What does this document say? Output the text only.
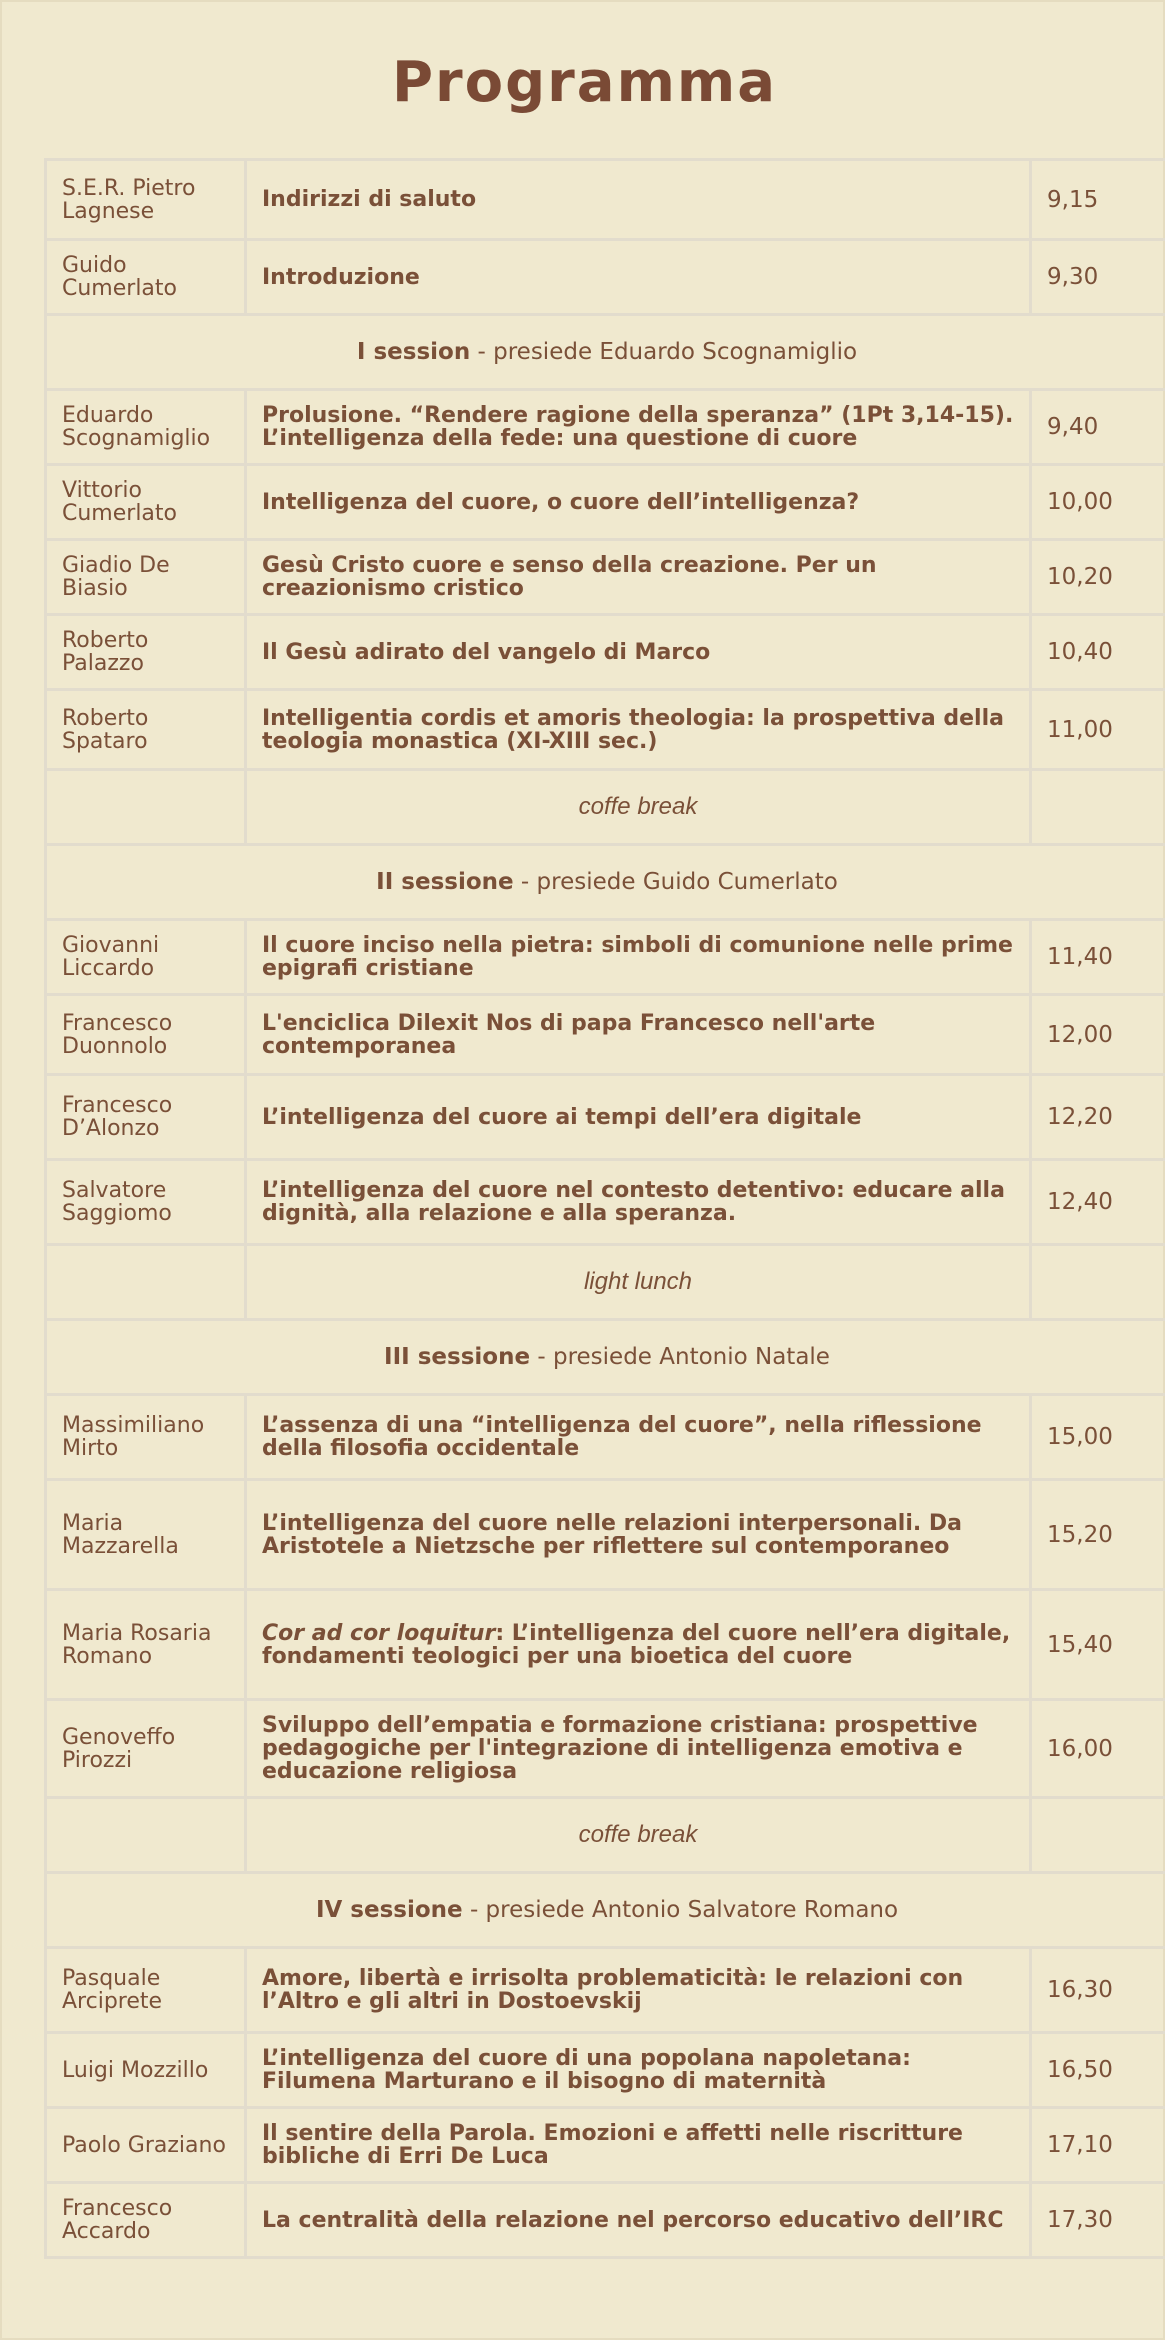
Programma
S.E.R. Pietro Lagnese	Indirizzi di saluto	9,15
Guido Cumerlato	Introduzione	9,30
I session - presiede Eduardo Scognamiglio		
Eduardo Scognamiglio	Prolusione. “Rendere ragione della speranza” (1Pt 3,14-15). L’intelligenza della fede: una questione di cuore	9,40
Vittorio Cumerlato	Intelligenza del cuore, o cuore dell’intelligenza?	10,00
Giadio De Biasio	Gesù Cristo cuore e senso della creazione. Per un creazionismo cristico	10,20
Roberto Palazzo	Il Gesù adirato del vangelo di Marco	10,40
Roberto Spataro	Intelligentia cordis et amoris theologia: la prospettiva della teologia monastica (XI-XIII sec.)	11,00
	coffe break	
II sessione - presiede Guido Cumerlato		
Giovanni Liccardo	Il cuore inciso nella pietra: simboli di comunione nelle prime epigrafi cristiane	11,40
Francesco Duonnolo	L'enciclica Dilexit Nos di papa Francesco nell'arte contemporanea	12,00
Francesco D’Alonzo	L’intelligenza del cuore ai tempi dell’era digitale	12,20
Salvatore Saggiomo	L’intelligenza del cuore nel contesto detentivo: educare alla dignità, alla relazione e alla speranza.	12,40
	light lunch	
III sessione - presiede Antonio Natale		
Massimiliano Mirto	L’assenza di una “intelligenza del cuore”, nella riflessione della filosofia occidentale	15,00
Maria Mazzarella	L’intelligenza del cuore nelle relazioni interpersonali. Da Aristotele a Nietzsche per riflettere sul contemporaneo	15,20
Maria Rosaria Romano	Cor ad cor loquitur: L’intelligenza del cuore nell’era digitale, fondamenti teologici per una bioetica del cuore	15,40
Genoveffo Pirozzi	Sviluppo dell’empatia e formazione cristiana: prospettive pedagogiche per l'integrazione di intelligenza emotiva e educazione religiosa	16,00
	coffe break	
IV sessione - presiede Antonio Salvatore Romano		
Pasquale Arciprete	Amore, libertà e irrisolta problematicità: le relazioni con l’Altro e gli altri in Dostoevskij	16,30
Luigi Mozzillo	L’intelligenza del cuore di una popolana napoletana: Filumena Marturano e il bisogno di maternità	16,50
Paolo Graziano	Il sentire della Parola. Emozioni e affetti nelle riscritture bibliche di Erri De Luca	17,10
Francesco Accardo	La centralità della relazione nel percorso educativo dell’IRC	17,30
